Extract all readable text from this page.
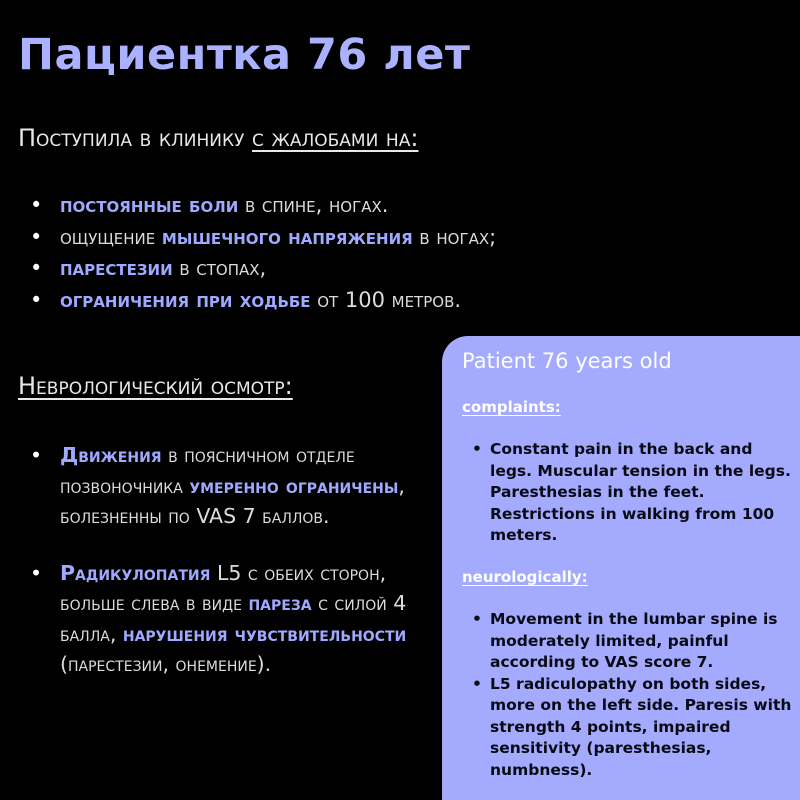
Пациентка 76 лет
Поступила в клинику с жалобами на:
• постоянные боли в спине, ногах.
• ощущение мышечного напряжения в ногах;
• парестезии в стопах,
• ограничения при ходьбе от 100 метров.
Неврологический осмотр:
• Движения в поясничном отделе позвоночника умеренно ограничены, болезненны по VAS 7 баллов.
• Радикулопатия L5 с обеих сторон, больше слева в виде пареза с силой 4 балла, нарушения чувствительности (парестезии, онемение).
Patient 76 years old
complaints:
• Constant pain in the back and legs. Muscular tension in the legs. Paresthesias in the feet. Restrictions in walking from 100 meters.
neurologically:
• Movement in the lumbar spine is moderately limited, painful according to VAS score 7.
• L5 radiculopathy on both sides, more on the left side. Paresis with strength 4 points, impaired sensitivity (paresthesias, numbness).
